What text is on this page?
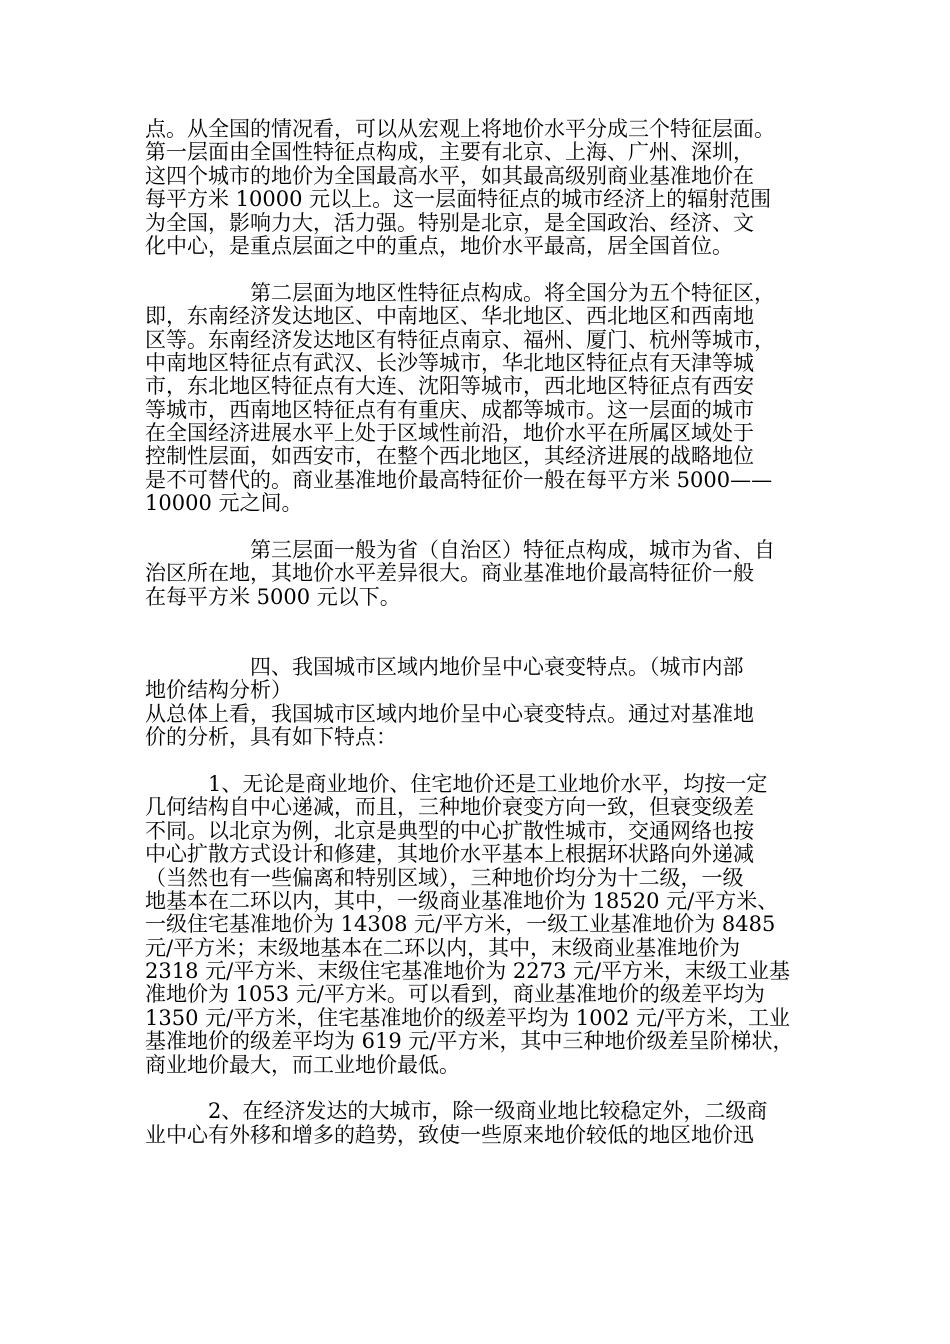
点。从全国的情况看，可以从宏观上将地价水平分成三个特征层面。
第一层面由全国性特征点构成，主要有北京、上海、广州、深圳，
这四个城市的地价为全国最高水平，如其最高级别商业基准地价在
每平方米 10000 元以上。这一层面特征点的城市经济上的辐射范围
为全国，影响力大，活力强。特别是北京，是全国政治、经济、文
化中心，是重点层面之中的重点，地价水平最高，居全国首位。

　　　　　第二层面为地区性特征点构成。将全国分为五个特征区，
即，东南经济发达地区、中南地区、华北地区、西北地区和西南地
区等。东南经济发达地区有特征点南京、福州、厦门、杭州等城市，
中南地区特征点有武汉、长沙等城市，华北地区特征点有天津等城
市，东北地区特征点有大连、沈阳等城市，西北地区特征点有西安
等城市，西南地区特征点有有重庆、成都等城市。这一层面的城市
在全国经济进展水平上处于区域性前沿，地价水平在所属区域处于
控制性层面，如西安市，在整个西北地区，其经济进展的战略地位
是不可替代的。商业基准地价最高特征价一般在每平方米 5000——
10000 元之间。

　　　　　第三层面一般为省（自治区）特征点构成，城市为省、自
治区所在地，其地价水平差异很大。商业基准地价最高特征价一般
在每平方米 5000 元以下。

　　　　　四、我国城市区域内地价呈中心衰变特点。（城市内部
地价结构分析）
从总体上看，我国城市区域内地价呈中心衰变特点。通过对基准地
价的分析，具有如下特点：

　　　1、无论是商业地价、住宅地价还是工业地价水平，均按一定
几何结构自中心递减，而且，三种地价衰变方向一致，但衰变级差
不同。以北京为例，北京是典型的中心扩散性城市，交通网络也按
中心扩散方式设计和修建，其地价水平基本上根据环状路向外递减
（当然也有一些偏离和特别区域），三种地价均分为十二级，一级
地基本在二环以内，其中，一级商业基准地价为 18520 元/平方米、
一级住宅基准地价为 14308 元/平方米，一级工业基准地价为 8485
元/平方米；末级地基本在二环以内，其中，末级商业基准地价为
2318 元/平方米、末级住宅基准地价为 2273 元/平方米，末级工业基
准地价为 1053 元/平方米。可以看到，商业基准地价的级差平均为
1350 元/平方米，住宅基准地价的级差平均为 1002 元/平方米，工业
基准地价的级差平均为 619 元/平方米，其中三种地价级差呈阶梯状，
商业地价最大，而工业地价最低。

　　　2、在经济发达的大城市，除一级商业地比较稳定外，二级商
业中心有外移和增多的趋势，致使一些原来地价较低的地区地价迅
